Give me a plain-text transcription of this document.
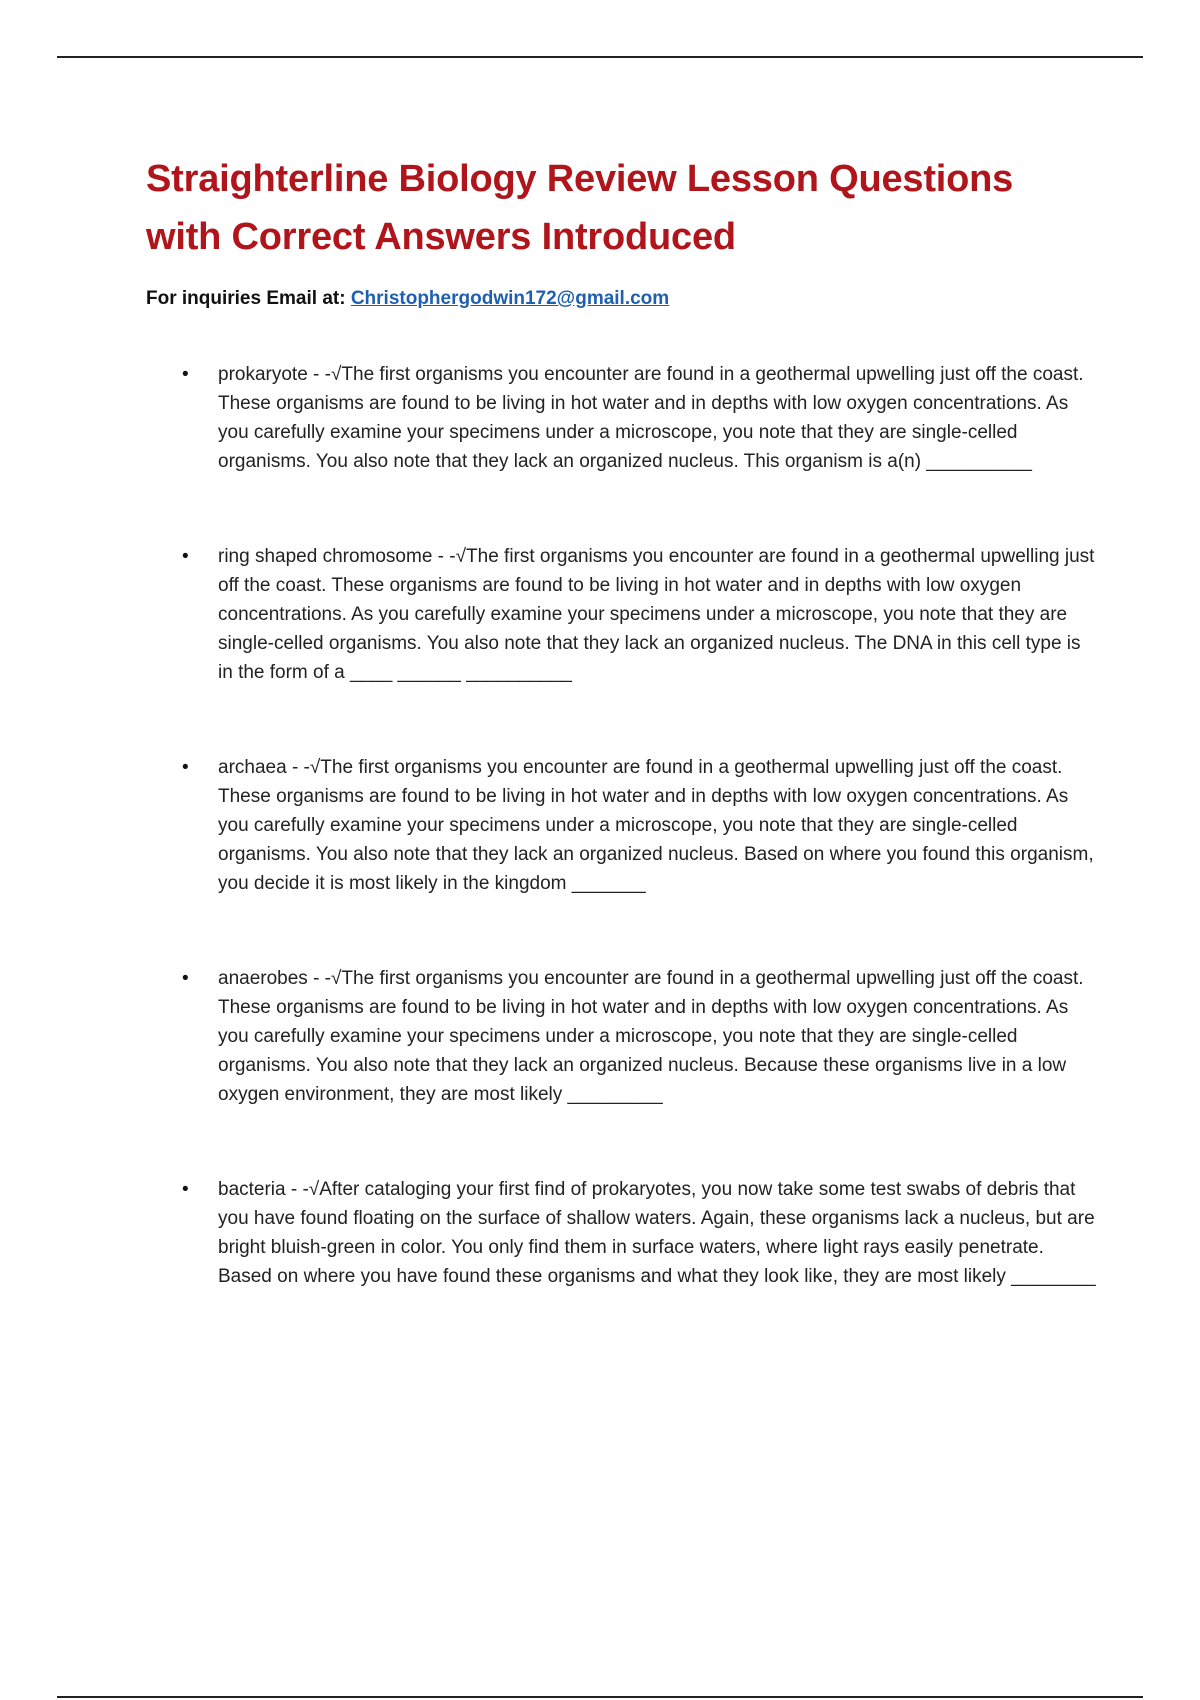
Straighterline Biology Review Lesson Questions with Correct Answers Introduced
For inquiries Email at: Christophergodwin172@gmail.com
• prokaryote - -√The first organisms you encounter are found in a geothermal upwelling just off the coast. These organisms are found to be living in hot water and in depths with low oxygen concentrations. As you carefully examine your specimens under a microscope, you note that they are single-celled organisms. You also note that they lack an organized nucleus. This organism is a(n) __________
• ring shaped chromosome - -√The first organisms you encounter are found in a geothermal upwelling just off the coast. These organisms are found to be living in hot water and in depths with low oxygen concentrations. As you carefully examine your specimens under a microscope, you note that they are single-celled organisms. You also note that they lack an organized nucleus. The DNA in this cell type is in the form of a ____ ______ __________
• archaea - -√The first organisms you encounter are found in a geothermal upwelling just off the coast. These organisms are found to be living in hot water and in depths with low oxygen concentrations. As you carefully examine your specimens under a microscope, you note that they are single-celled organisms. You also note that they lack an organized nucleus. Based on where you found this organism, you decide it is most likely in the kingdom _______
• anaerobes - -√The first organisms you encounter are found in a geothermal upwelling just off the coast. These organisms are found to be living in hot water and in depths with low oxygen concentrations. As you carefully examine your specimens under a microscope, you note that they are single-celled organisms. You also note that they lack an organized nucleus. Because these organisms live in a low oxygen environment, they are most likely _________
• bacteria - -√After cataloging your first find of prokaryotes, you now take some test swabs of debris that you have found floating on the surface of shallow waters. Again, these organisms lack a nucleus, but are bright bluish-green in color. You only find them in surface waters, where light rays easily penetrate. Based on where you have found these organisms and what they look like, they are most likely ________
